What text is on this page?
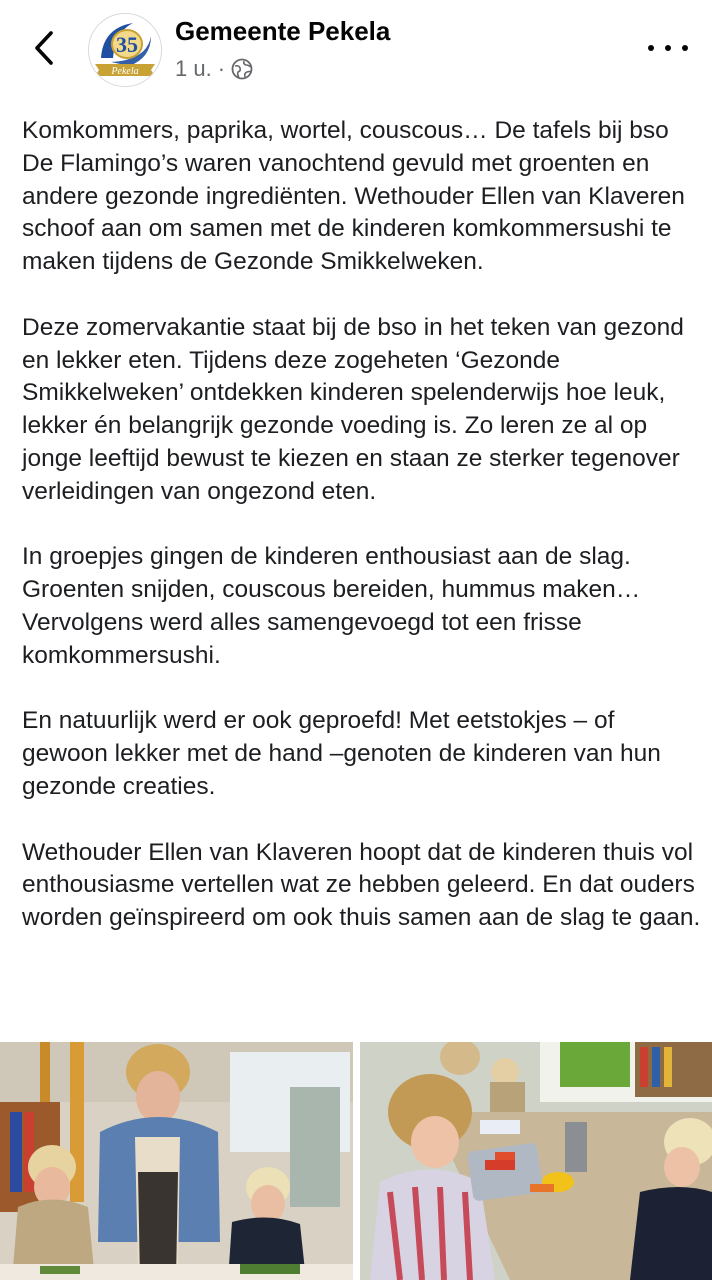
35
Pekela
Gemeente Pekela
1 u. ·

Komkommers, paprika, wortel, couscous… De tafels bij bso De Flamingo’s waren vanochtend gevuld met groenten en andere gezonde ingrediënten. Wethouder Ellen van Klaveren schoof aan om samen met de kinderen komkommersushi te maken tijdens de Gezonde Smikkelweken.

Deze zomervakantie staat bij de bso in het teken van gezond en lekker eten. Tijdens deze zogeheten ‘Gezonde Smikkelweken’ ontdekken kinderen spelenderwijs hoe leuk, lekker én belangrijk gezonde voeding is. Zo leren ze al op jonge leeftijd bewust te kiezen en staan ze sterker tegenover verleidingen van ongezond eten.

In groepjes gingen de kinderen enthousiast aan de slag. Groenten snijden, couscous bereiden, hummus maken… Vervolgens werd alles samengevoegd tot een frisse komkommersushi.

En natuurlijk werd er ook geproefd! Met eetstokjes – of gewoon lekker met de hand –genoten de kinderen van hun gezonde creaties.

Wethouder Ellen van Klaveren hoopt dat de kinderen thuis vol enthousiasme vertellen wat ze hebben geleerd. En dat ouders worden geïnspireerd om ook thuis samen aan de slag te gaan.
